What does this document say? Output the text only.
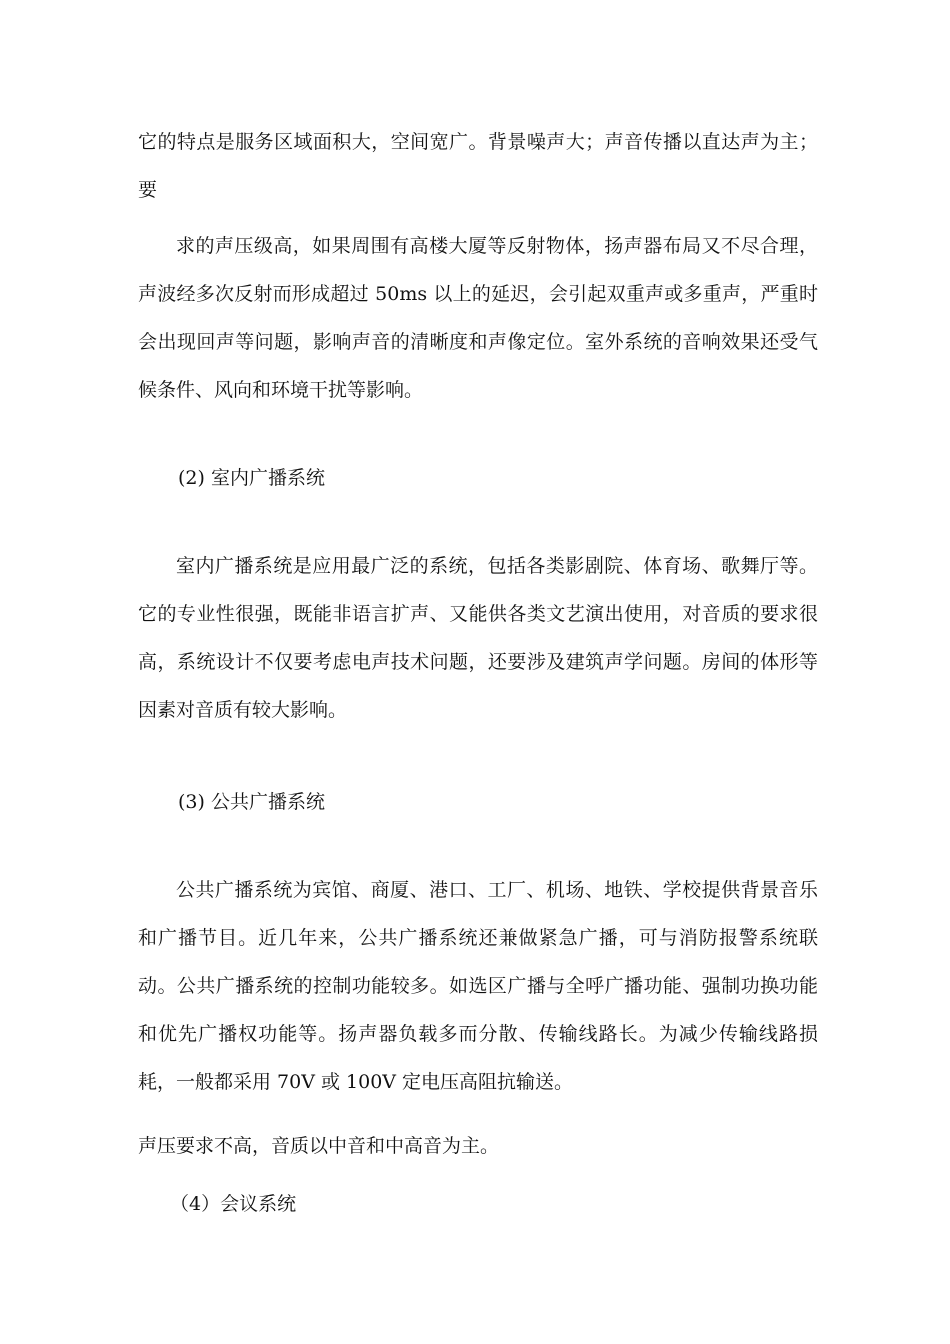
它的特点是服务区域面积大，空间宽广。背景噪声大；声音传播以直达声为主；要

求的声压级高，如果周围有高楼大厦等反射物体，扬声器布局又不尽合理，声波经多次反射而形成超过 50ms 以上的延迟，会引起双重声或多重声，严重时会出现回声等问题，影响声音的清晰度和声像定位。室外系统的音响效果还受气候条件、风向和环境干扰等影响。

(2) 室内广播系统

室内广播系统是应用最广泛的系统，包括各类影剧院、体育场、歌舞厅等。它的专业性很强，既能非语言扩声、又能供各类文艺演出使用，对音质的要求很高，系统设计不仅要考虑电声技术问题，还要涉及建筑声学问题。房间的体形等因素对音质有较大影响。

(3) 公共广播系统

公共广播系统为宾馆、商厦、港口、工厂、机场、地铁、学校提供背景音乐和广播节目。近几年来，公共广播系统还兼做紧急广播，可与消防报警系统联动。公共广播系统的控制功能较多。如选区广播与全呼广播功能、强制功换功能和优先广播权功能等。扬声器负载多而分散、传输线路长。为减少传输线路损耗，一般都采用 70V 或 100V 定电压高阻抗输送。

声压要求不高，音质以中音和中高音为主。

（4）会议系统
